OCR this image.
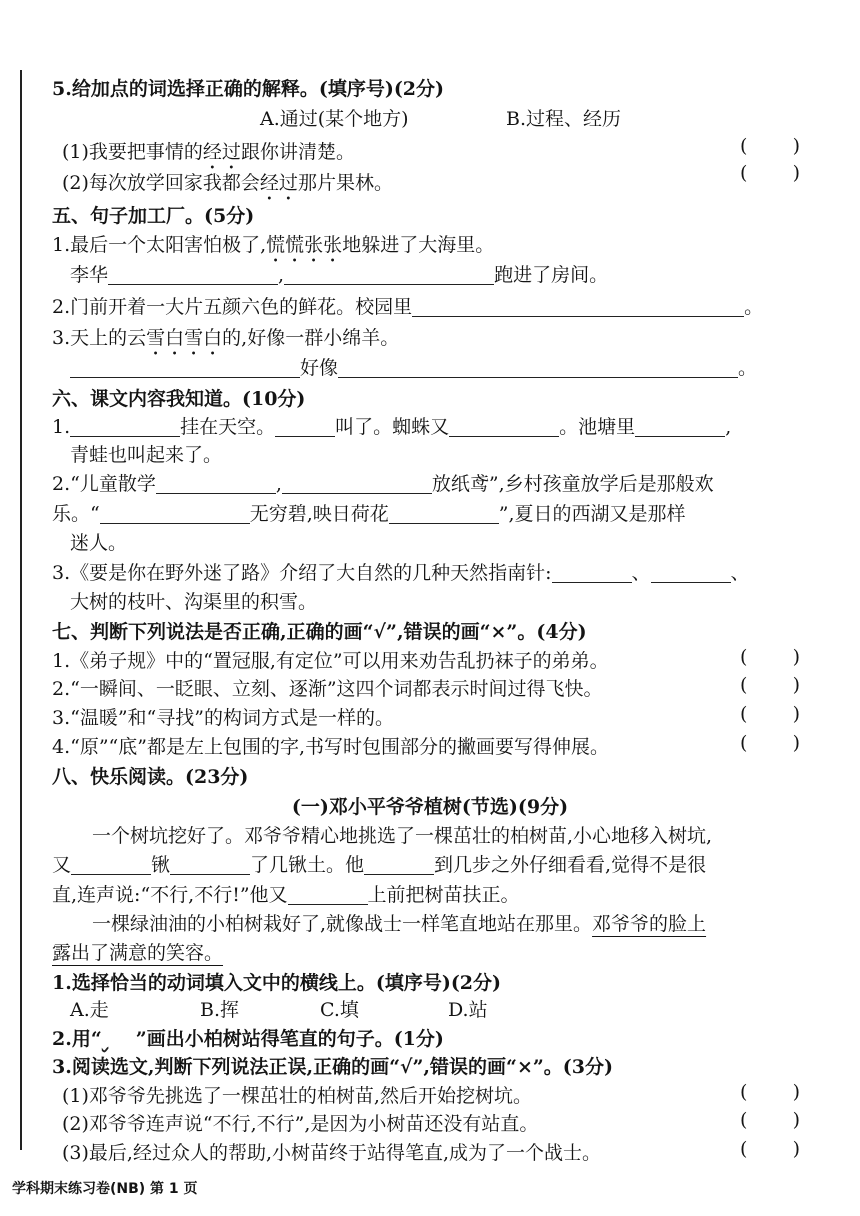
5.给加点的词选择正确的解释。(填序号)(2分)
A.通过(某个地方)	B.过程、经历
(1)我要把事情的经过跟你讲清楚。	( )
(2)每次放学回家我都会经过那片果林。	( )
五、句子加工厂。(5分)
1.最后一个太阳害怕极了,慌慌张张地躲进了大海里。
李华	,	跑进了房间。
2.门前开着一大片五颜六色的鲜花。校园里	。
3.天上的云雪白雪白的,好像一群小绵羊。
好像	。
六、课文内容我知道。(10分)
1.	挂在天空。	叫了。蜘蛛又	。池塘里	,
青蛙也叫起来了。
2.“儿童散学	,	放纸鸢”,乡村孩童放学后是那般欢
乐。“	无穷碧,映日荷花	”,夏日的西湖又是那样
迷人。
3.《要是你在野外迷了路》介绍了大自然的几种天然指南针:	、	、
大树的枝叶、沟渠里的积雪。
七、判断下列说法是否正确,正确的画“√”,错误的画“×”。(4分)
1.《弟子规》中的“置冠服,有定位”可以用来劝告乱扔袜子的弟弟。	( )
2.“一瞬间、一眨眼、立刻、逐渐”这四个词都表示时间过得飞快。	( )
3.“温暖”和“寻找”的构词方式是一样的。	( )
4.“原”“底”都是左上包围的字,书写时包围部分的撇画要写得伸展。	( )
八、快乐阅读。(23分)
(一)邓小平爷爷植树(节选)(9分)
一个树坑挖好了。邓爷爷精心地挑选了一棵茁壮的柏树苗,小心地移入树坑,
又	锹	了几锹土。他	到几步之外仔细看看,觉得不是很
直,连声说:“不行,不行!”他又	上前把树苗扶正。
一棵绿油油的小柏树栽好了,就像战士一样笔直地站在那里。邓爷爷的脸上
露出了满意的笑容。
1.选择恰当的动词填入文中的横线上。(填序号)(2分)
A.走	B.挥	C.填	D.站
2.用“ ”画出小柏树站得笔直的句子。(1分)
3.阅读选文,判断下列说法正误,正确的画“√”,错误的画“×”。(3分)
(1)邓爷爷先挑选了一棵茁壮的柏树苗,然后开始挖树坑。	( )
(2)邓爷爷连声说“不行,不行”,是因为小树苗还没有站直。	( )
(3)最后,经过众人的帮助,小树苗终于站得笔直,成为了一个战士。	( )
学科期末练习卷(NB) 第 1 页
